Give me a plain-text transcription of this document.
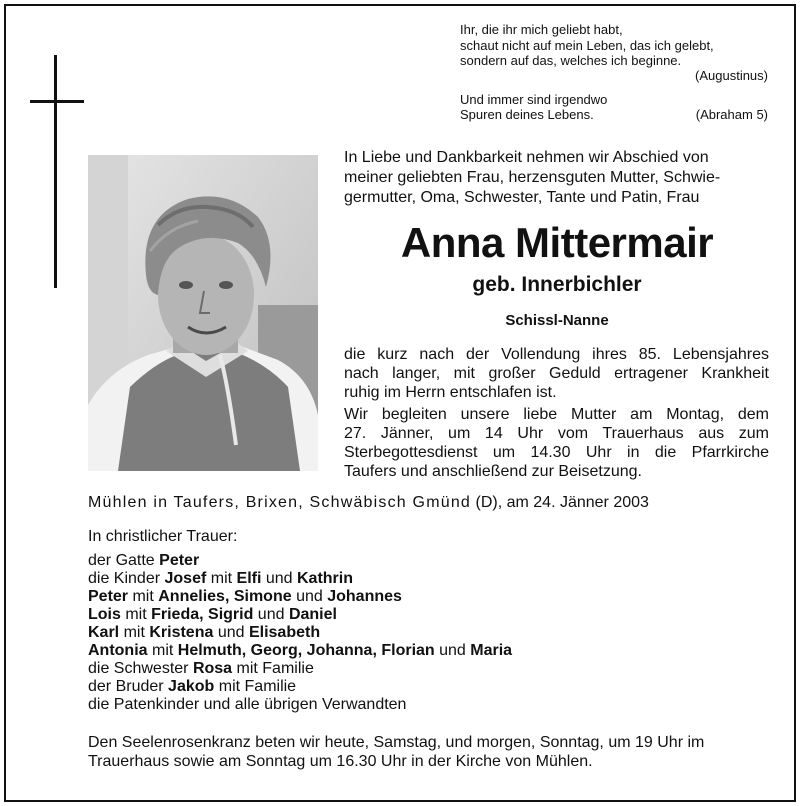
Ihr, die ihr mich geliebt habt,
schaut nicht auf mein Leben, das ich gelebt,
sondern auf das, welches ich beginne.
(Augustinus)
Und immer sind irgendwo
Spuren deines Lebens.	(Abraham 5)
In Liebe und Dankbarkeit nehmen wir Abschied von
meiner geliebten Frau, herzensguten Mutter, Schwie-
germutter, Oma, Schwester, Tante und Patin, Frau
Anna Mittermair
geb. Innerbichler
Schissl-Nanne
die kurz nach der Vollendung ihres 85. Lebensjahres
nach langer, mit großer Geduld ertragener Krankheit
ruhig im Herrn entschlafen ist.
Wir begleiten unsere liebe Mutter am Montag, dem
27. Jänner, um 14 Uhr vom Trauerhaus aus zum
Sterbegottesdienst um 14.30 Uhr in die Pfarrkirche
Taufers und anschließend zur Beisetzung.
Mühlen in Taufers, Brixen, Schwäbisch Gmünd (D), am 24. Jänner 2003
In christlicher Trauer:
der Gatte Peter
die Kinder Josef mit Elfi und Kathrin
Peter mit Annelies, Simone und Johannes
Lois mit Frieda, Sigrid und Daniel
Karl mit Kristena und Elisabeth
Antonia mit Helmuth, Georg, Johanna, Florian und Maria
die Schwester Rosa mit Familie
der Bruder Jakob mit Familie
die Patenkinder und alle übrigen Verwandten
Den Seelenrosenkranz beten wir heute, Samstag, und morgen, Sonntag, um 19 Uhr im
Trauerhaus sowie am Sonntag um 16.30 Uhr in der Kirche von Mühlen.
